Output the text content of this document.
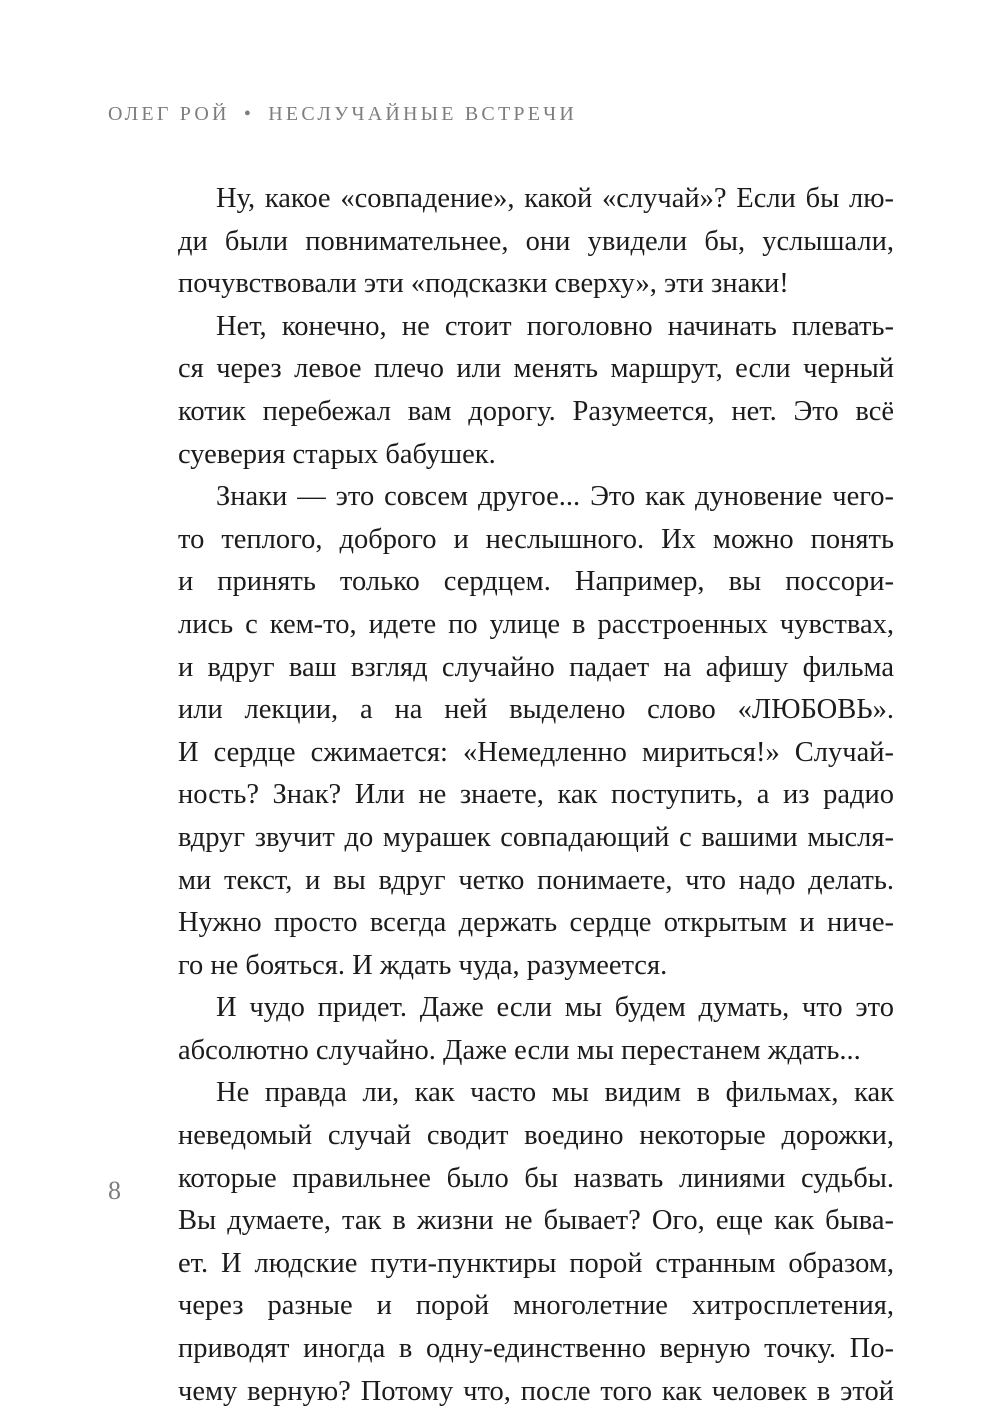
ОЛЕГ РОЙ • НЕСЛУЧАЙНЫЕ ВСТРЕЧИ
Ну, какое «совпадение», какой «случай»? Если бы лю-
ди были повнимательнее, они увидели бы, услышали,
почувствовали эти «подсказки сверху», эти знаки!
Нет, конечно, не стоит поголовно начинать плевать-
ся через левое плечо или менять маршрут, если черный
котик перебежал вам дорогу. Разумеется, нет. Это всё
суеверия старых бабушек.
Знаки — это совсем другое... Это как дуновение чего-
то теплого, доброго и неслышного. Их можно понять
и принять только сердцем. Например, вы поссори-
лись с кем-то, идете по улице в расстроенных чувствах,
и вдруг ваш взгляд случайно падает на афишу фильма
или лекции, а на ней выделено слово «ЛЮБОВЬ».
И сердце сжимается: «Немедленно мириться!» Случай-
ность? Знак? Или не знаете, как поступить, а из радио
вдруг звучит до мурашек совпадающий с вашими мысля-
ми текст, и вы вдруг четко понимаете, что надо делать.
Нужно просто всегда держать сердце открытым и ниче-
го не бояться. И ждать чуда, разумеется.
И чудо придет. Даже если мы будем думать, что это
абсолютно случайно. Даже если мы перестанем ждать...
Не правда ли, как часто мы видим в фильмах, как
неведомый случай сводит воедино некоторые дорожки,
которые правильнее было бы назвать линиями судьбы.
Вы думаете, так в жизни не бывает? Ого, еще как быва-
ет. И людские пути-пунктиры порой странным образом,
через разные и порой многолетние хитросплетения,
приводят иногда в одну-единственно верную точку. По-
чему верную? Потому что, после того как человек в этой
8
